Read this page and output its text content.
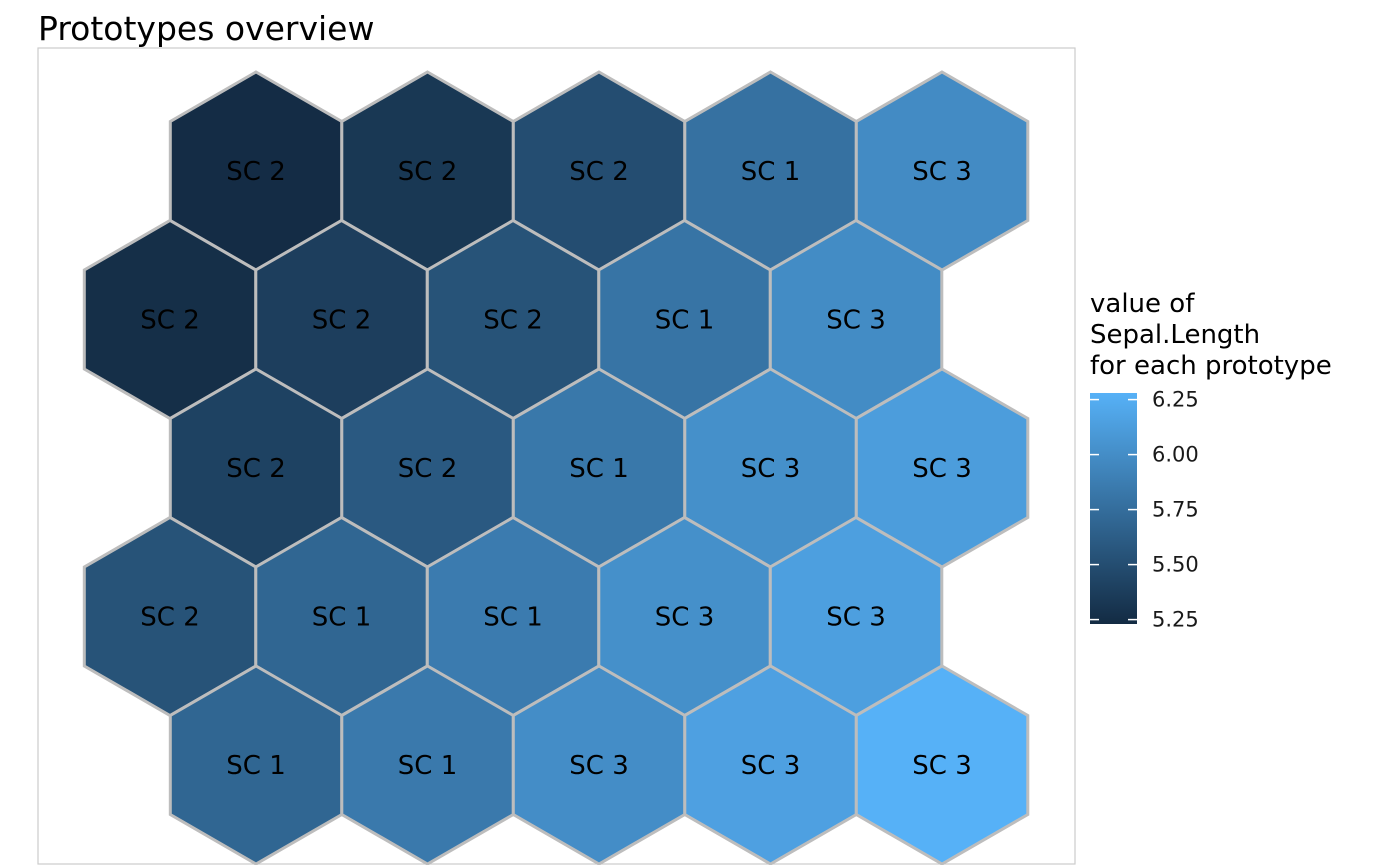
Prototypes overview
SC 2	SC 2	SC 2	SC 1	SC 3
SC 2	SC 2	SC 2	SC 1	SC 3
SC 2	SC 2	SC 1	SC 3	SC 3
SC 2	SC 1	SC 1	SC 3	SC 3
SC 1	SC 1	SC 3	SC 3	SC 3
value of
Sepal.Length
for each prototype
6.25
6.00
5.75
5.50
5.25
